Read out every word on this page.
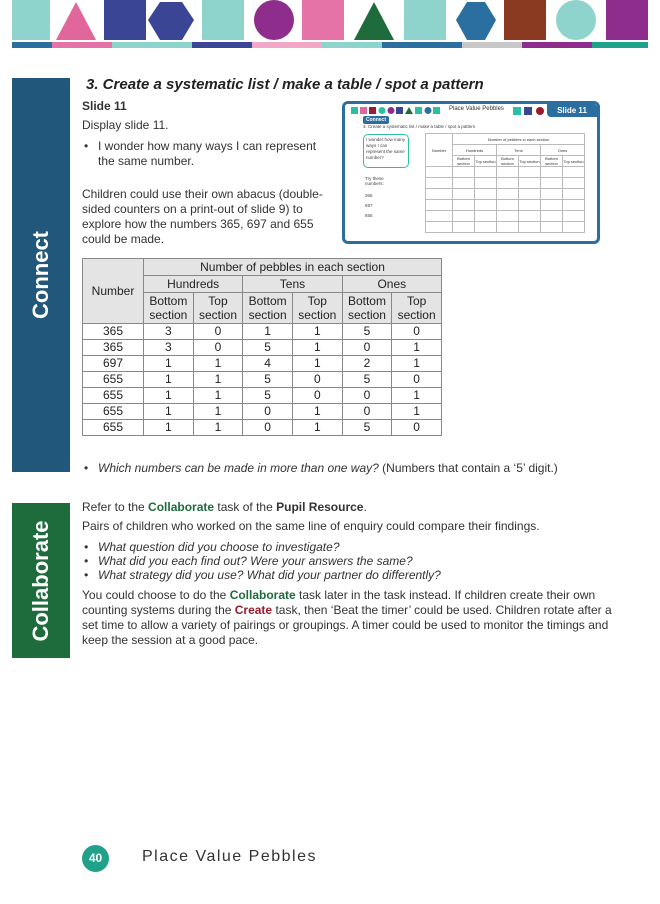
Connect
3. Create a systematic list / make a table / spot a pattern
Slide 11
Display slide 11.
• I wonder how many ways I can represent
the same number.
Children could use their own abacus (double-
sided counters on a print-out of slide 9) to
explore how the numbers 365, 697 and 655
could be made.
Place Value Pebbles	Slide 11
Connect
3. Create a systematic list / make a table / spot a pattern
I wonder how many ways I can represent the same number?
Try these numbers:
365
697
655
Number	Number of pebbles in each section					
	Hundreds		Tens		Ones	
	Bottom section	Top section	Bottom section	Top section	Bottom section	Top section

Number	Number of pebbles in each section					
	Hundreds		Tens		Ones	
	Bottom
section	Top
section	Bottom
section	Top
section	Bottom
section	Top
section
365	3	0	1	1	5	0
365	3	0	5	1	0	1
697	1	1	4	1	2	1
655	1	1	5	0	5	0
655	1	1	5	0	0	1
655	1	1	0	1	0	1
655	1	1	0	1	5	0
• Which numbers can be made in more than one way? (Numbers that contain a ‘5’ digit.)
Collaborate
Refer to the Collaborate task of the Pupil Resource.
Pairs of children who worked on the same line of enquiry could compare their findings.
• What question did you choose to investigate?
• What did you each find out? Were your answers the same?
• What strategy did you use? What did your partner do differently?
You could choose to do the Collaborate task later in the task instead. If children create their own
counting systems during the Create task, then ‘Beat the timer’ could be used. Children rotate after a
set time to allow a variety of pairings or groupings. A timer could be used to monitor the timings and
keep the session at a good pace.
40	Place Value Pebbles
